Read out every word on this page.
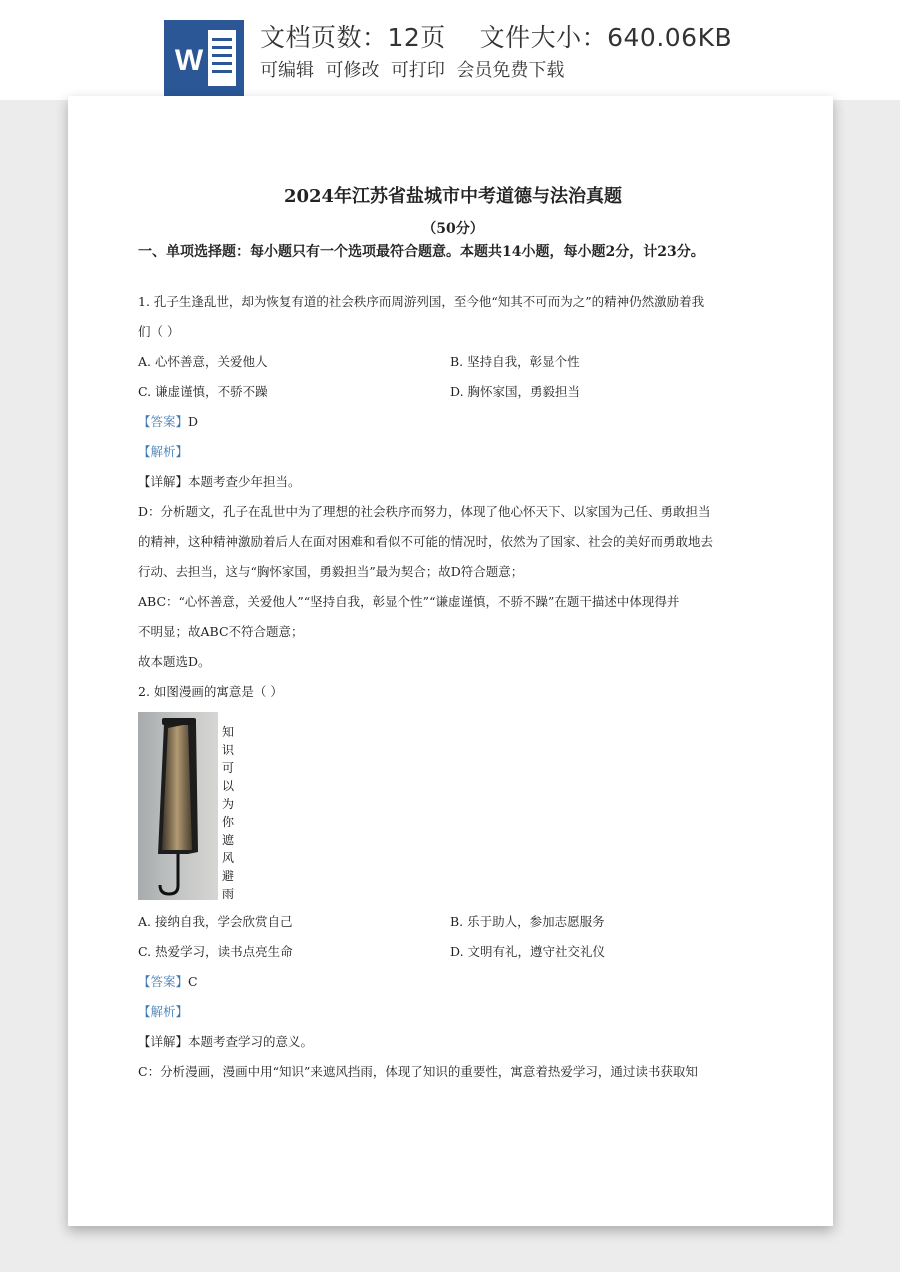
W
文档页数：12页    文件大小：640.06KB
可编辑  可修改  可打印  会员免费下载
2024年江苏省盐城市中考道德与法治真题
（50分）
一、单项选择题：每小题只有一个选项最符合题意。本题共14小题，每小题2分，计23分。
1. 孔子生逢乱世，却为恢复有道的社会秩序而周游列国，至今他“知其不可而为之”的精神仍然激励着我
们（ ）
A. 心怀善意，关爱他人	B. 坚持自我，彰显个性
C. 谦虚谨慎，不骄不躁	D. 胸怀家国，勇毅担当
【答案】D
【解析】
【详解】本题考查少年担当。
D：分析题文，孔子在乱世中为了理想的社会秩序而努力，体现了他心怀天下、以家国为己任、勇敢担当
的精神，这种精神激励着后人在面对困难和看似不可能的情况时，依然为了国家、社会的美好而勇敢地去
行动、去担当，这与“胸怀家国，勇毅担当”最为契合；故D符合题意；
ABC：“心怀善意，关爱他人”“坚持自我，彰显个性”“谦虚谨慎，不骄不躁”在题干描述中体现得并
不明显；故ABC不符合题意；
故本题选D。
2. 如图漫画的寓意是（ ）
知
识
可
以
为
你
遮
风
避
雨
A. 接纳自我，学会欣赏自己	B. 乐于助人，参加志愿服务
C. 热爱学习，读书点亮生命	D. 文明有礼，遵守社交礼仪
【答案】C
【解析】
【详解】本题考查学习的意义。
C：分析漫画，漫画中用“知识”来遮风挡雨，体现了知识的重要性，寓意着热爱学习，通过读书获取知
